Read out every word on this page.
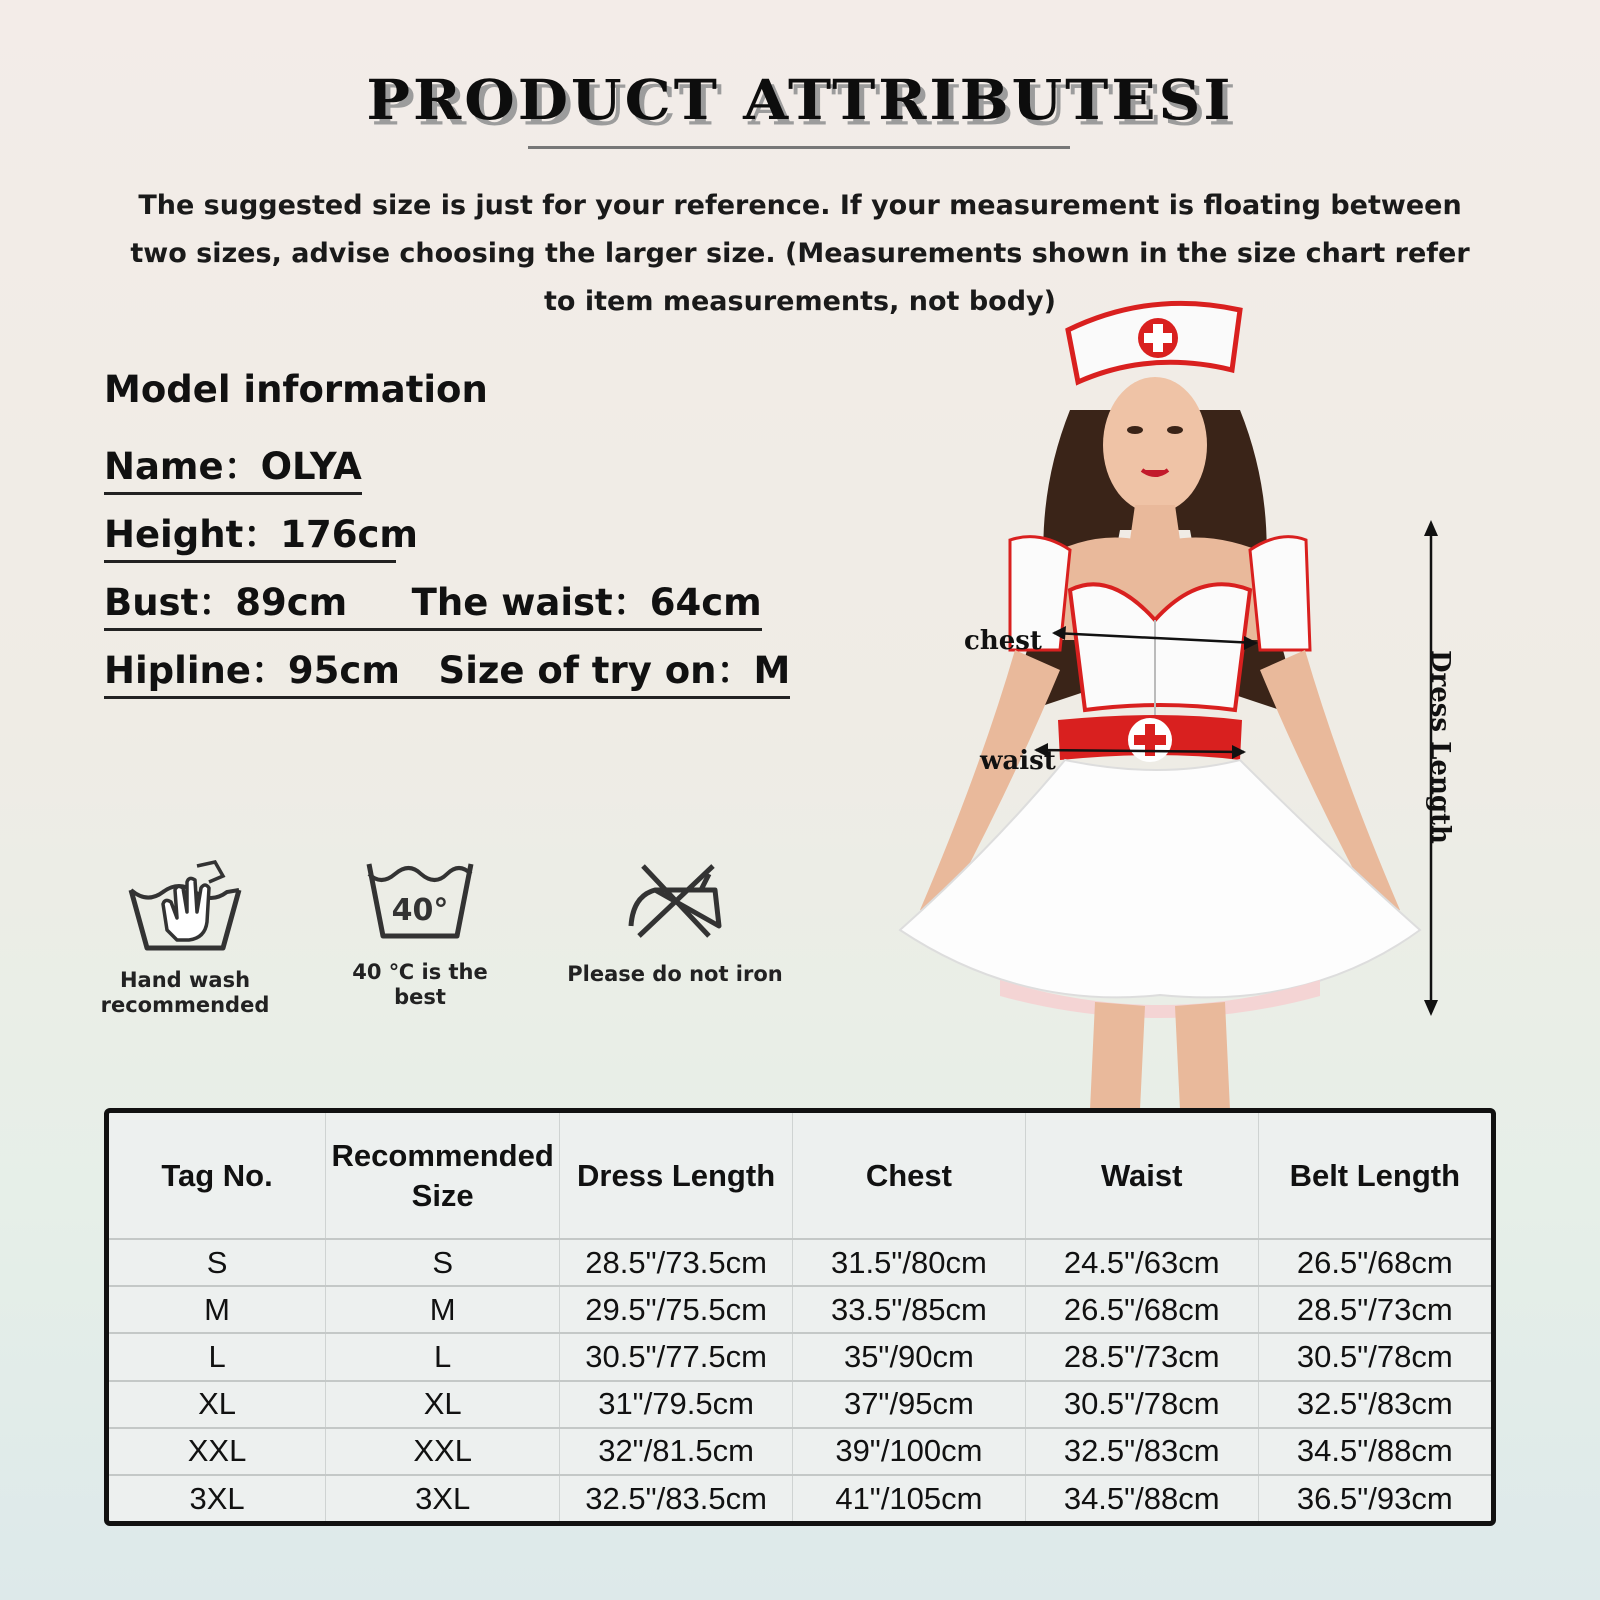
PRODUCT ATTRIBUTESI
The suggested size is just for your reference. If your measurement is floating between two sizes, advise choosing the larger size. (Measurements shown in the size chart refer to item measurements, not body)
Model information
Name：OLYA
Height：176cm
Bust：89cm     The waist：64cm
Hipline：95cm   Size of try on：M
Hand wash recommended
40°
40 ℃ is the best
Please do not iron
chest
waist	Dress Length
Tag No.	Recommended Size	Dress Length	Chest	Waist	Belt Length
S	S	28.5"/73.5cm	31.5"/80cm	24.5"/63cm	26.5"/68cm
M	M	29.5"/75.5cm	33.5"/85cm	26.5"/68cm	28.5"/73cm
L	L	30.5"/77.5cm	35"/90cm	28.5"/73cm	30.5"/78cm
XL	XL	31"/79.5cm	37"/95cm	30.5"/78cm	32.5"/83cm
XXL	XXL	32"/81.5cm	39"/100cm	32.5"/83cm	34.5"/88cm
3XL	3XL	32.5"/83.5cm	41"/105cm	34.5"/88cm	36.5"/93cm
